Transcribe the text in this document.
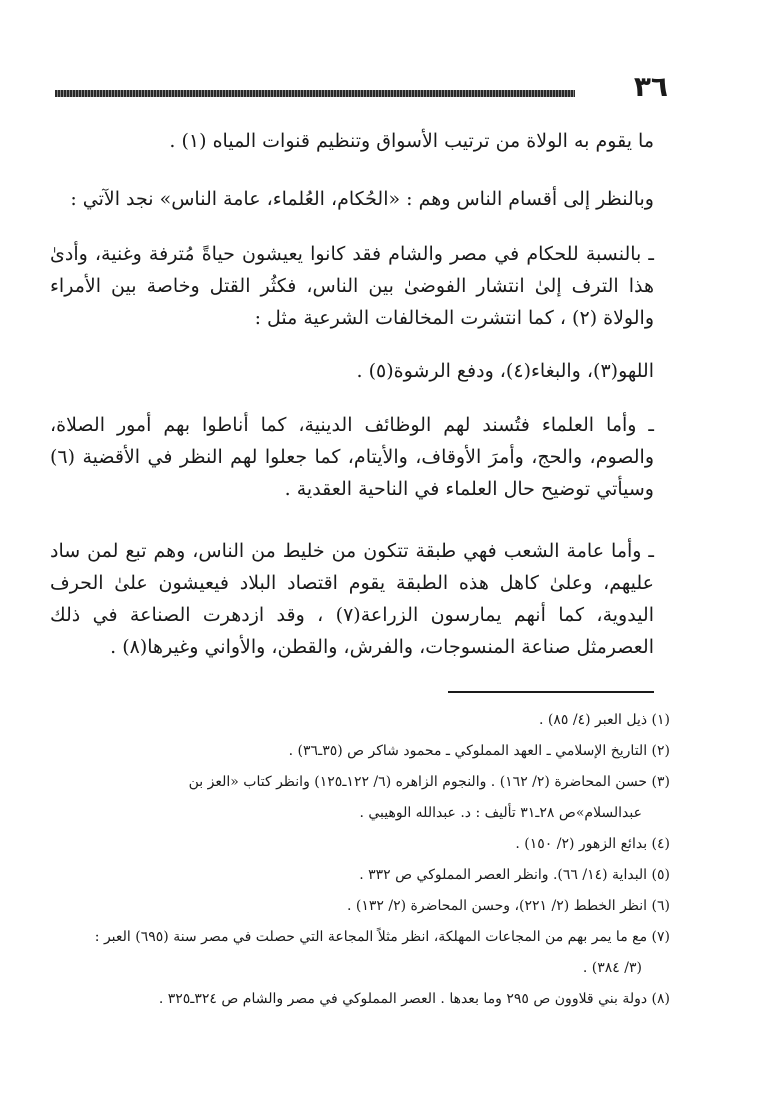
٣٦

ما يقوم به الولاة من ترتيب الأسواق وتنظيم قنوات المياه (١) .

وبالنظر إلى أقسام الناس وهم : «الحُكام، العُلماء، عامة الناس» نجد الآتي :

ـ بالنسبة للحكام في مصر والشام فقد كانوا يعيشون حياةً مُترفة وغنية، وأدىٰ هذا الترف إلىٰ انتشار الفوضىٰ بين الناس، فكثُر القتل وخاصة بين الأمراء والولاة (٢) ، كما انتشرت المخالفات الشرعية مثل :

اللهو(٣)، والبغاء(٤)، ودفع الرشوة(٥) .

ـ وأما العلماء فتُسند لهم الوظائف الدينية، كما أناطوا بهم أمور الصلاة، والصوم، والحج، وأمرَ الأوقاف، والأيتام، كما جعلوا لهم النظر في الأقضية (٦) وسيأتي توضيح حال العلماء في الناحية العقدية .

ـ وأما عامة الشعب فهي طبقة تتكون من خليط من الناس، وهم تبع لمن ساد عليهم، وعلىٰ كاهل هذه الطبقة يقوم اقتصاد البلاد فيعيشون علىٰ الحرف اليدوية، كما أنهم يمارسون الزراعة(٧) ، وقد ازدهرت الصناعة في ذلك العصرمثل صناعة المنسوجات، والفرش، والقطن، والأواني وغيرها(٨) .

(١) ذيل العبر (٤/ ٨٥) .

(٢) التاريخ الإسلامي ـ العهد المملوكي ـ محمود شاكر ص (٣٥ـ٣٦) .

(٣) حسن المحاضرة (٢/ ١٦٢) . والنجوم الزاهره (٦/ ١٢٢ـ١٢٥) وانظر كتاب «العز بن

عبدالسلام»ص ٢٨ـ٣١ تأليف : د. عبدالله الوهيبي .

(٤) بدائع الزهور (٢/ ١٥٠) .

(٥) البداية (١٤/ ٦٦). وانظر العصر المملوكي ص ٣٣٢ .

(٦) انظر الخطط (٢/ ٢٢١)، وحسن المحاضرة (٢/ ١٣٢) .

(٧) مع ما يمر بهم من المجاعات المهلكة، انظر مثلاً المجاعة التي حصلت في مصر سنة (٦٩٥) العبر :

(٣/ ٣٨٤) .

(٨) دولة بني قلاوون ص ٢٩٥ وما بعدها . العصر المملوكي في مصر والشام ص ٣٢٤ـ٣٢٥ .
